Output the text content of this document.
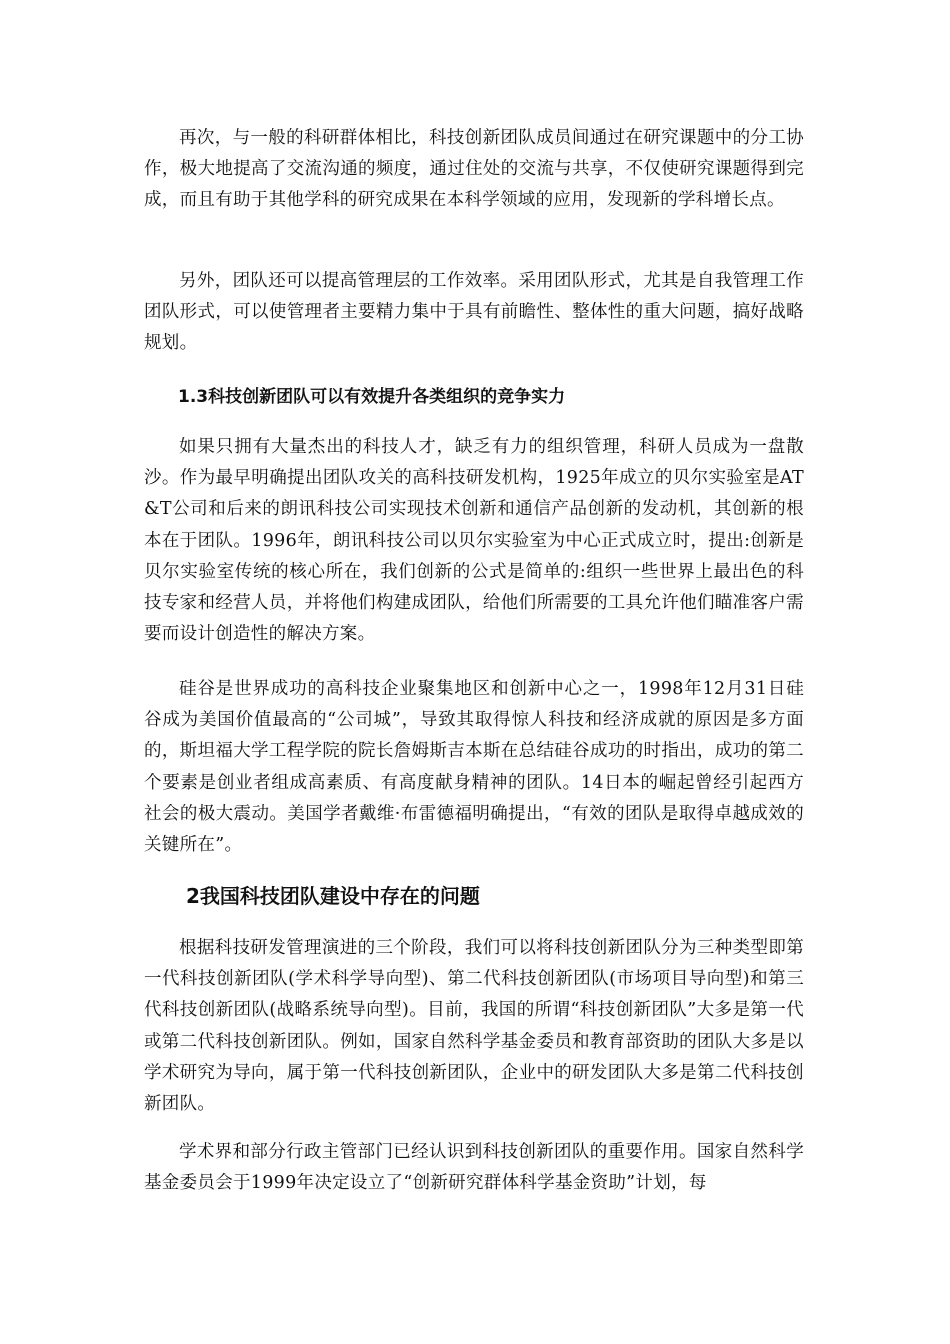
再次，与一般的科研群体相比，科技创新团队成员间通过在研究课题中的分工协作，极大地提高了交流沟通的频度，通过住处的交流与共享，不仅使研究课题得到完成，而且有助于其他学科的研究成果在本科学领域的应用，发现新的学科增长点。

另外，团队还可以提高管理层的工作效率。采用团队形式，尤其是自我管理工作团队形式，可以使管理者主要精力集中于具有前瞻性、整体性的重大问题，搞好战略规划。

1.3科技创新团队可以有效提升各类组织的竞争实力

如果只拥有大量杰出的科技人才，缺乏有力的组织管理，科研人员成为一盘散沙。作为最早明确提出团队攻关的高科技研发机构，1925年成立的贝尔实验室是AT &T公司和后来的朗讯科技公司实现技术创新和通信产品创新的发动机，其创新的根本在于团队。1996年，朗讯科技公司以贝尔实验室为中心正式成立时，提出:创新是贝尔实验室传统的核心所在，我们创新的公式是简单的:组织一些世界上最出色的科技专家和经营人员，并将他们构建成团队，给他们所需要的工具允许他们瞄准客户需要而设计创造性的解决方案。

硅谷是世界成功的高科技企业聚集地区和创新中心之一，1998年12月31日硅谷成为美国价值最高的“公司城”，导致其取得惊人科技和经济成就的原因是多方面的，斯坦福大学工程学院的院长詹姆斯吉本斯在总结硅谷成功的时指出，成功的第二个要素是创业者组成高素质、有高度献身精神的团队。14日本的崛起曾经引起西方社会的极大震动。美国学者戴维·布雷德福明确提出，“有效的团队是取得卓越成效的关键所在”。

2我国科技团队建设中存在的问题

根据科技研发管理演进的三个阶段，我们可以将科技创新团队分为三种类型即第一代科技创新团队(学术科学导向型)、第二代科技创新团队(市场项目导向型)和第三代科技创新团队(战略系统导向型)。目前，我国的所谓“科技创新团队”大多是第一代或第二代科技创新团队。例如，国家自然科学基金委员和教育部资助的团队大多是以学术研究为导向，属于第一代科技创新团队，企业中的研发团队大多是第二代科技创新团队。

学术界和部分行政主管部门已经认识到科技创新团队的重要作用。国家自然科学基金委员会于1999年决定设立了“创新研究群体科学基金资助”计划，每
